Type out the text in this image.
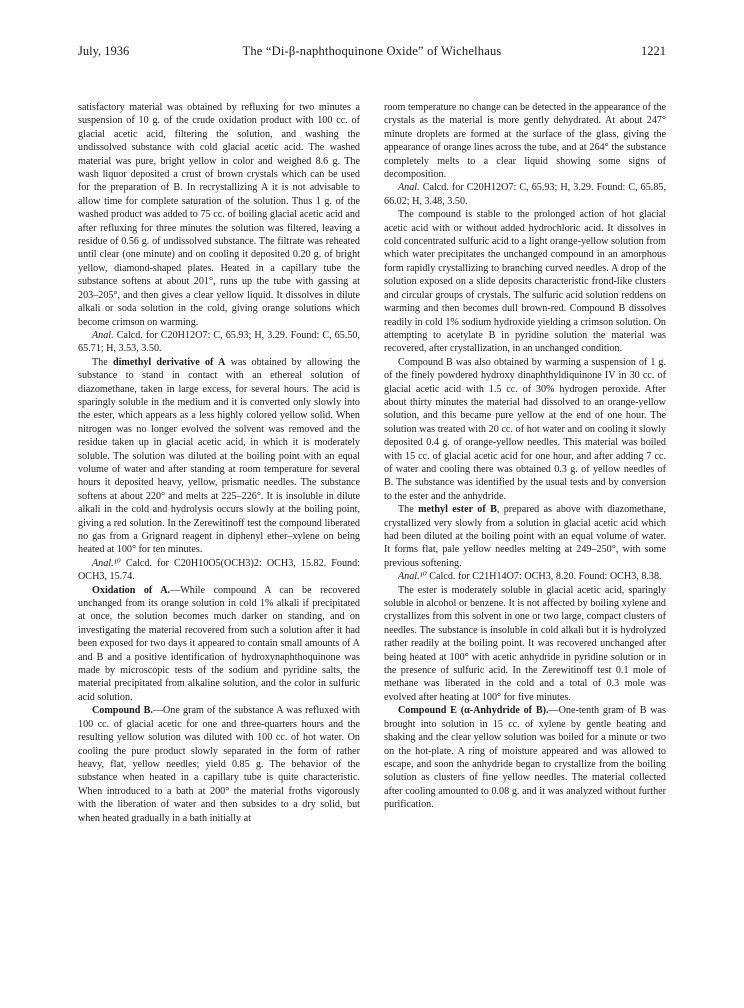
July, 1936	The “Di-β-naphthoquinone Oxide” of Wichelhaus	1221

satisfactory material was obtained by refluxing for two minutes a suspension of 10 g. of the crude oxidation product with 100 cc. of glacial acetic acid, filtering the solution, and washing the undissolved substance with cold glacial acetic acid. The washed material was pure, bright yellow in color and weighed 8.6 g. The wash liquor deposited a crust of brown crystals which can be used for the preparation of B. In recrystallizing A it is not advisable to allow time for complete saturation of the solution. Thus 1 g. of the washed product was added to 75 cc. of boiling glacial acetic acid and after refluxing for three minutes the solution was filtered, leaving a residue of 0.56 g. of undissolved substance. The filtrate was reheated until clear (one minute) and on cooling it deposited 0.20 g. of bright yellow, diamond-shaped plates. Heated in a capillary tube the substance softens at about 201°, runs up the tube with gassing at 203–205°, and then gives a clear yellow liquid. It dissolves in dilute alkali or soda solution in the cold, giving orange solutions which become crimson on warming.

Anal. Calcd. for C20H12O7: C, 65.93; H, 3.29. Found: C, 65.50, 65.71; H, 3.53, 3.50.

The dimethyl derivative of A was obtained by allowing the substance to stand in contact with an ethereal solution of diazomethane, taken in large excess, for several hours. The acid is sparingly soluble in the medium and it is converted only slowly into the ester, which appears as a less highly colored yellow solid. When nitrogen was no longer evolved the solvent was removed and the residue taken up in glacial acetic acid, in which it is moderately soluble. The solution was diluted at the boiling point with an equal volume of water and after standing at room temperature for several hours it deposited heavy, yellow, prismatic needles. The substance softens at about 220° and melts at 225–226°. It is insoluble in dilute alkali in the cold and hydrolysis occurs slowly at the boiling point, giving a red solution. In the Zerewitinoff test the compound liberated no gas from a Grignard reagent in diphenyl ether–xylene on being heated at 100° for ten minutes.

Anal.¹⁰ Calcd. for C20H10O5(OCH3)2: OCH3, 15.82. Found: OCH3, 15.74.

Oxidation of A.—While compound A can be recovered unchanged from its orange solution in cold 1% alkali if precipitated at once, the solution becomes much darker on standing, and on investigating the material recovered from such a solution after it had been exposed for two days it appeared to contain small amounts of A and B and a positive identification of hydroxynaphthoquinone was made by microscopic tests of the sodium and pyridine salts, the material precipitated from alkaline solution, and the color in sulfuric acid solution.

Compound B.—One gram of the substance A was refluxed with 100 cc. of glacial acetic for one and three-quarters hours and the resulting yellow solution was diluted with 100 cc. of hot water. On cooling the pure product slowly separated in the form of rather heavy, flat, yellow needles; yield 0.85 g. The behavior of the substance when heated in a capillary tube is quite characteristic. When introduced to a bath at 200° the material froths vigorously with the liberation of water and then subsides to a dry solid, but when heated gradually in a bath initially at

room temperature no change can be detected in the appearance of the crystals as the material is more gently dehydrated. At about 247° minute droplets are formed at the surface of the glass, giving the appearance of orange lines across the tube, and at 264° the substance completely melts to a clear liquid showing some signs of decomposition.

Anal. Calcd. for C20H12O7: C, 65.93; H, 3.29. Found: C, 65.85, 66.02; H, 3.48, 3.50.

The compound is stable to the prolonged action of hot glacial acetic acid with or without added hydrochloric acid. It dissolves in cold concentrated sulfuric acid to a light orange-yellow solution from which water precipitates the unchanged compound in an amorphous form rapidly crystallizing to branching curved needles. A drop of the solution exposed on a slide deposits characteristic frond-like clusters and circular groups of crystals. The sulfuric acid solution reddens on warming and then becomes dull brown-red. Compound B dissolves readily in cold 1% sodium hydroxide yielding a crimson solution. On attempting to acetylate B in pyridine solution the material was recovered, after crystallization, in an unchanged condition.

Compound B was also obtained by warming a suspension of 1 g. of the finely powdered hydroxy dinaphthyldiquinone IV in 30 cc. of glacial acetic acid with 1.5 cc. of 30% hydrogen peroxide. After about thirty minutes the material had dissolved to an orange-yellow solution, and this became pure yellow at the end of one hour. The solution was treated with 20 cc. of hot water and on cooling it slowly deposited 0.4 g. of orange-yellow needles. This material was boiled with 15 cc. of glacial acetic acid for one hour, and after adding 7 cc. of water and cooling there was obtained 0.3 g. of yellow needles of B. The substance was identified by the usual tests and by conversion to the ester and the anhydride.

The methyl ester of B, prepared as above with diazomethane, crystallized very slowly from a solution in glacial acetic acid which had been diluted at the boiling point with an equal volume of water. It forms flat, pale yellow needles melting at 249–250°, with some previous softening.

Anal.¹⁰ Calcd. for C21H14O7: OCH3, 8.20. Found: OCH3, 8.38.

The ester is moderately soluble in glacial acetic acid, sparingly soluble in alcohol or benzene. It is not affected by boiling xylene and crystallizes from this solvent in one or two large, compact clusters of needles. The substance is insoluble in cold alkali but it is hydrolyzed rather readily at the boiling point. It was recovered unchanged after being heated at 100° with acetic anhydride in pyridine solution or in the presence of sulfuric acid. In the Zerewitinoff test 0.1 mole of methane was liberated in the cold and a total of 0.3 mole was evolved after heating at 100° for five minutes.

Compound E (α-Anhydride of B).—One-tenth gram of B was brought into solution in 15 cc. of xylene by gentle heating and shaking and the clear yellow solution was boiled for a minute or two on the hot-plate. A ring of moisture appeared and was allowed to escape, and soon the anhydride began to crystallize from the boiling solution as clusters of fine yellow needles. The material collected after cooling amounted to 0.08 g. and it was analyzed without further purification.
